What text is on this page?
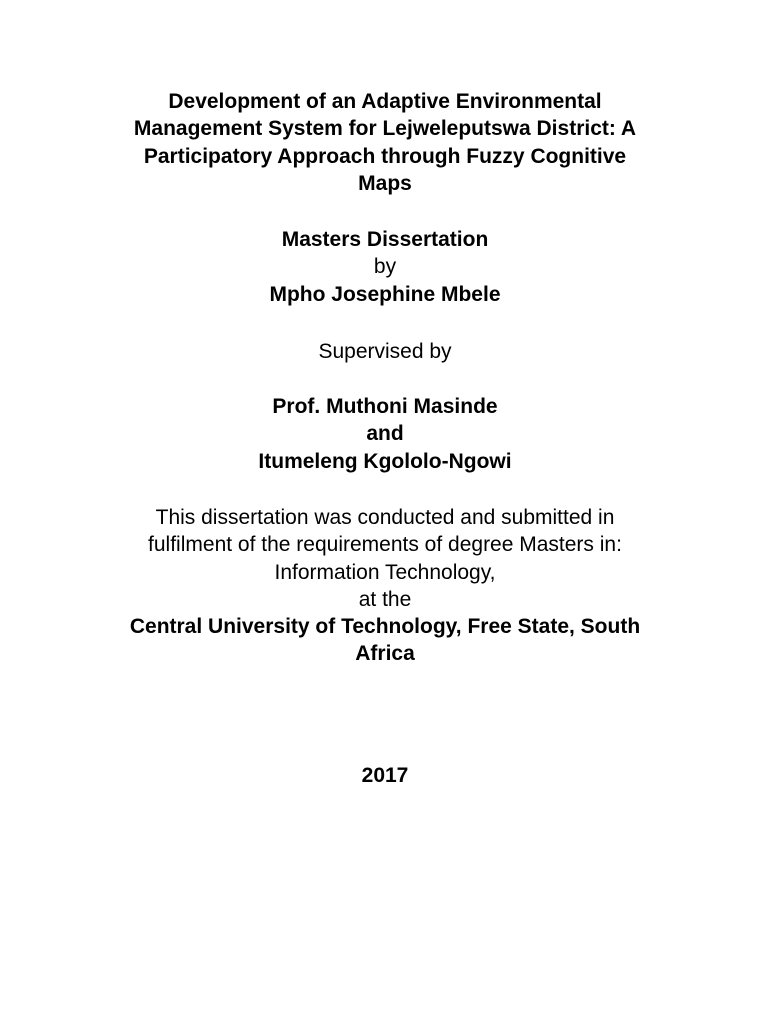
Development of an Adaptive Environmental
Management System for Lejweleputswa District: A
Participatory Approach through Fuzzy Cognitive
Maps
Masters Dissertation
by
Mpho Josephine Mbele
Supervised by
Prof. Muthoni Masinde
and
Itumeleng Kgololo-Ngowi
This dissertation was conducted and submitted in
fulfilment of the requirements of degree Masters in:
Information Technology,
at the
Central University of Technology, Free State, South
Africa
2017
